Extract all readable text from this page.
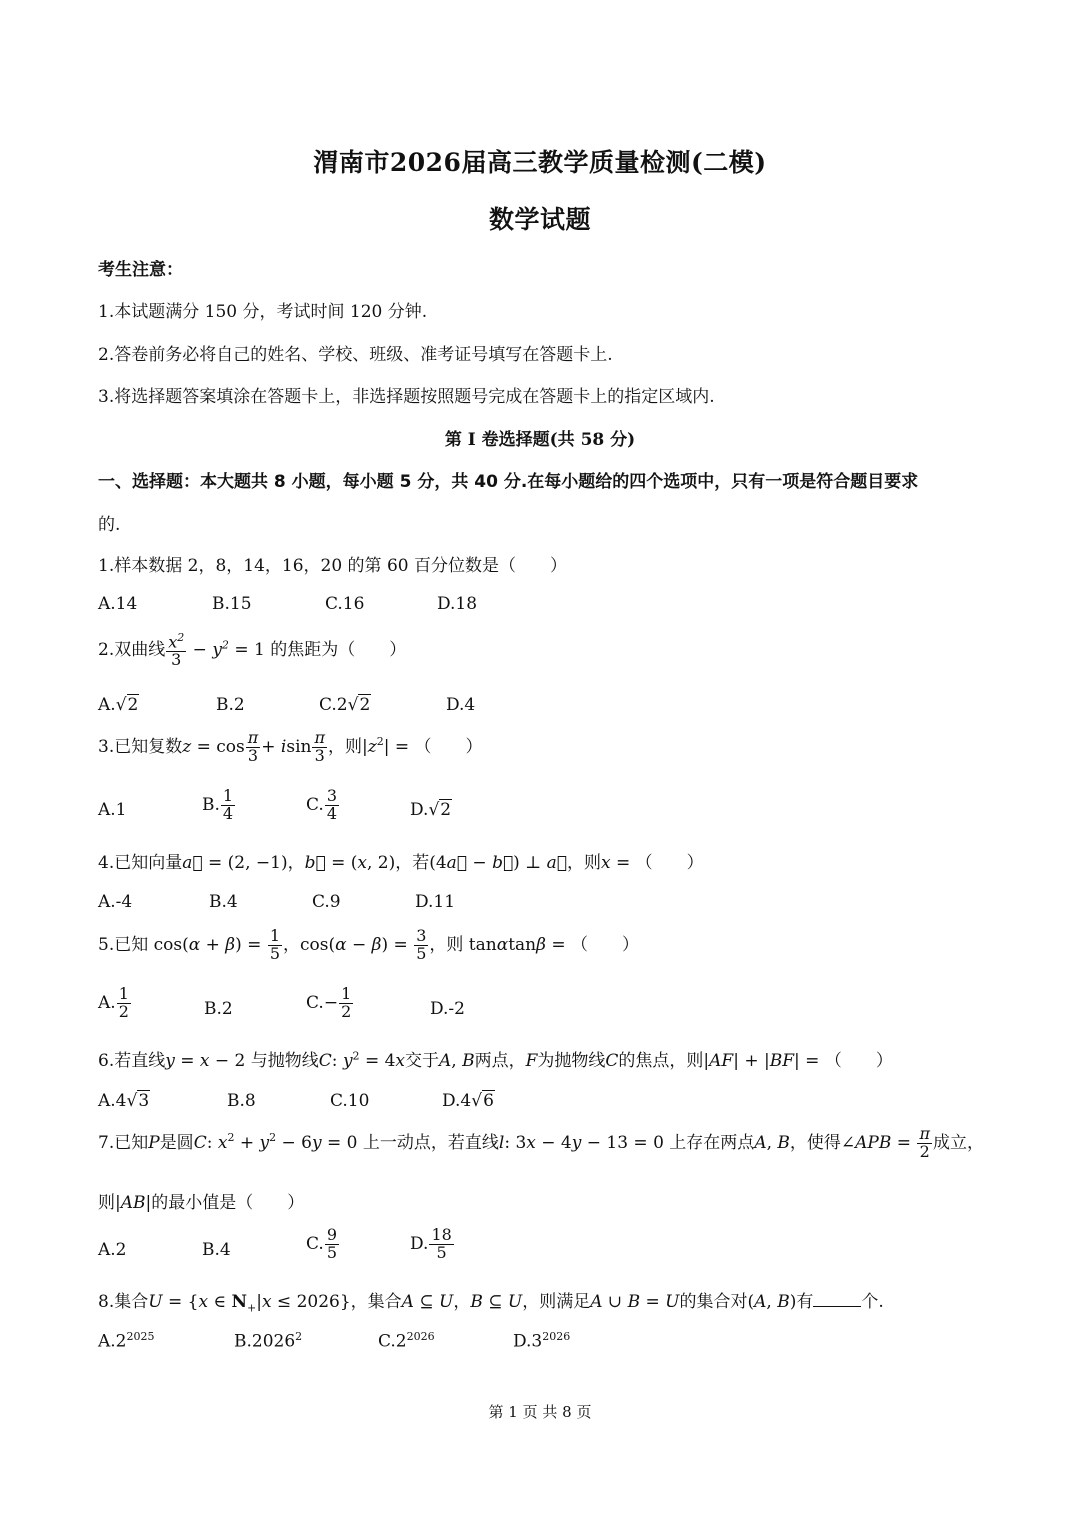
渭南市2026届高三教学质量检测(二模)
数学试题
考生注意：
1.本试题满分 150 分，考试时间 120 分钟.
2.答卷前务必将自己的姓名、学校、班级、准考证号填写在答题卡上.
3.将选择题答案填涂在答题卡上，非选择题按照题号完成在答题卡上的指定区域内.
第 I 卷选择题(共 58 分)
一、选择题：本大题共 8 小题，每小题 5 分，共 40 分.在每小题给的四个选项中，只有一项是符合题目要求
的.
1.样本数据 2，8，14，16，20 的第 60 百分位数是（　　）
A.14	B.15	C.16	D.18
2.双曲线 $\frac{x^2}{3} - y^2 = 1$ 的焦距为（　　）
A.√2	B.2	C.2√2	D.4
3.已知复数$z = \cos \frac{\pi}{3} + isin \frac{\pi}{3}$ ，则$|z^2|$ = （　　）
A.1	B. $\frac{1}{4}$	C. $\frac{3}{4}$	D.√2
4.已知向量a⃗ = (2, −1)，b⃗ = (x, 2)，若(4a⃗ − b⃗) ⊥ a⃗，则x = （　　）
A.-4	B.4	C.9	D.11
5.已知 $\cos(\alpha + \beta) = \frac{1}{5}$ ，$\cos(\alpha - \beta) = \frac{3}{5}$ ，则 tanαtanβ = （　　）
A. $\frac{1}{2}$	B.2	$C.- \frac{1}{2}$	D.-2
6.若直线y = x − 2 与抛物线C: $y^2 = 4x$交于A, B两点，F为抛物线C的焦点，则|AF| + |BF| = （　　）
A.4√3	B.8	C.10	D.4√6
7.已知P是圆C: $x^2 + y^2 - 6y = 0$ 上一动点，若直线l: 3x − 4y − 13 = 0 上存在两点A, B，使得∠APB = $\frac{\pi}{2}$ 成立，
则|AB|的最小值是（　　）
A.2	B.4	C. $\frac{9}{5}$	D. $\frac{18}{5}$
8.集合U = {x ∈ $N_+|x \le 2026$}，集合A ⊆ U，B ⊆ U，则满足A ∪ B = U的集合对(A, B)有	个.
$A.2^{2025}$	B.2026$^2$	$C.2^{2026}$	$D.3^{2026}$
第 1 页 共 8 页
